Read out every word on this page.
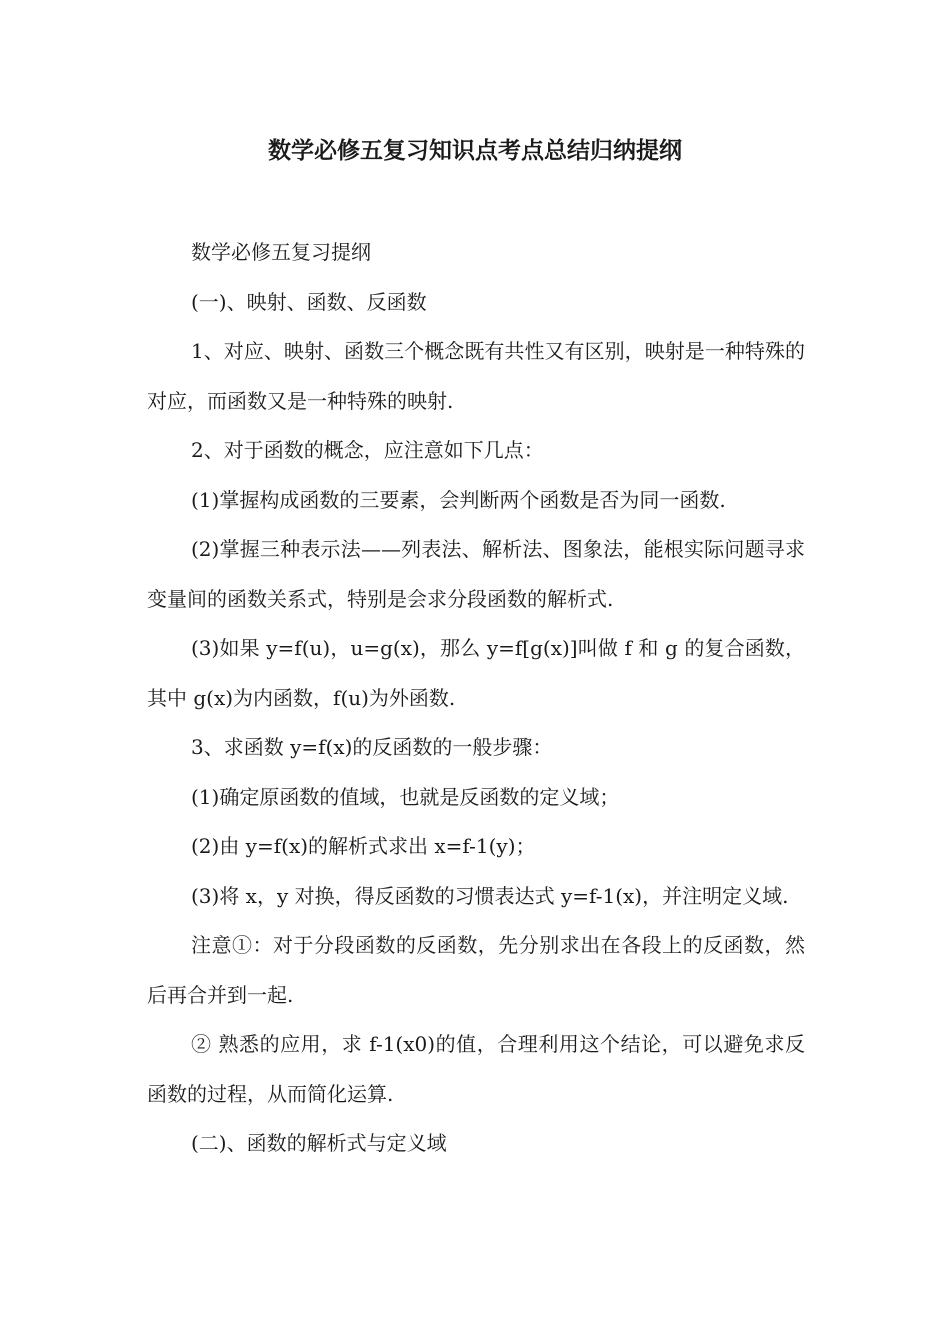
数学必修五复习知识点考点总结归纳提纲

数学必修五复习提纲

(一)、映射、函数、反函数

1、对应、映射、函数三个概念既有共性又有区别，映射是一种特殊的对应，而函数又是一种特殊的映射.

2、对于函数的概念，应注意如下几点：

(1)掌握构成函数的三要素，会判断两个函数是否为同一函数.

(2)掌握三种表示法——列表法、解析法、图象法，能根实际问题寻求变量间的函数关系式，特别是会求分段函数的解析式.

(3)如果 y=f(u)，u=g(x)，那么 y=f[g(x)]叫做 f 和 g 的复合函数，其中 g(x)为内函数，f(u)为外函数.

3、求函数 y=f(x)的反函数的一般步骤：

(1)确定原函数的值域，也就是反函数的定义域；

(2)由 y=f(x)的解析式求出 x=f-1(y)；

(3)将 x，y 对换，得反函数的习惯表达式 y=f-1(x)，并注明定义域.

注意①：对于分段函数的反函数，先分别求出在各段上的反函数，然后再合并到一起.

② 熟悉的应用，求 f-1(x0)的值，合理利用这个结论，可以避免求反函数的过程，从而简化运算.

(二)、函数的解析式与定义域
